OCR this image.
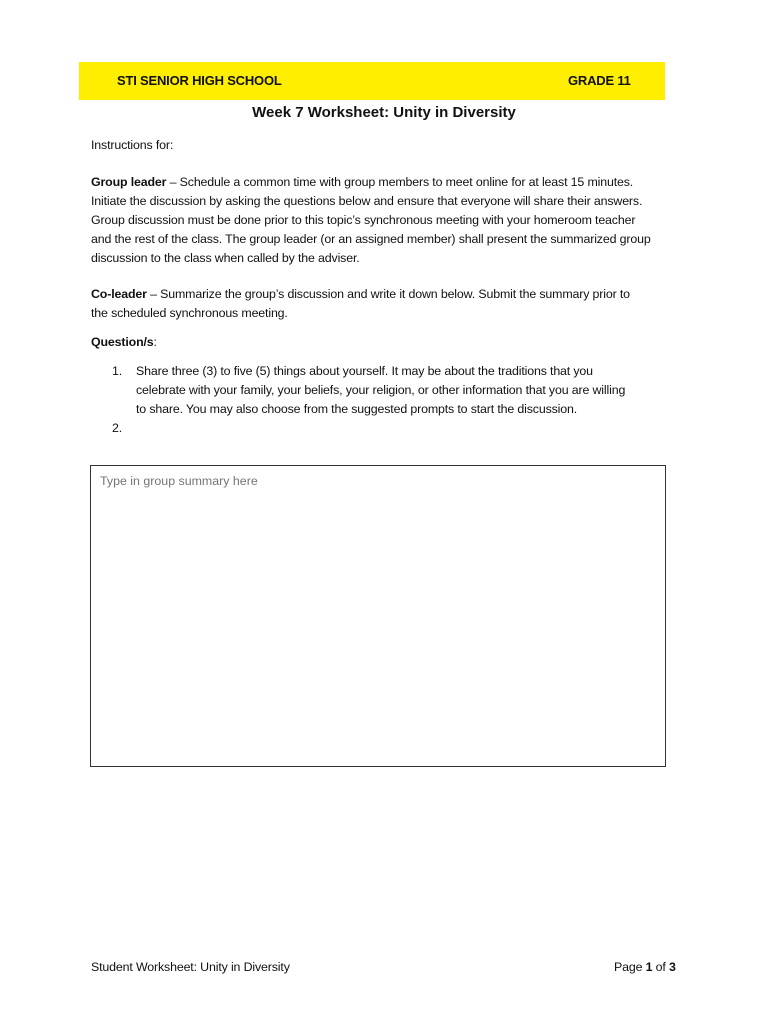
STI SENIOR HIGH SCHOOL	GRADE 11
Week 7 Worksheet: Unity in Diversity
Instructions for:
Group leader – Schedule a common time with group members to meet online for at least 15 minutes.
Initiate the discussion by asking the questions below and ensure that everyone will share their answers.
Group discussion must be done prior to this topic’s synchronous meeting with your homeroom teacher
and the rest of the class. The group leader (or an assigned member) shall present the summarized group
discussion to the class when called by the adviser.
Co-leader – Summarize the group’s discussion and write it down below. Submit the summary prior to
the scheduled synchronous meeting.
Question/s:
1. Share three (3) to five (5) things about yourself. It may be about the traditions that you
celebrate with your family, your beliefs, your religion, or other information that you are willing
to share. You may also choose from the suggested prompts to start the discussion.
2.

Type in group summary here
Student Worksheet: Unity in Diversity	Page 1 of 3
